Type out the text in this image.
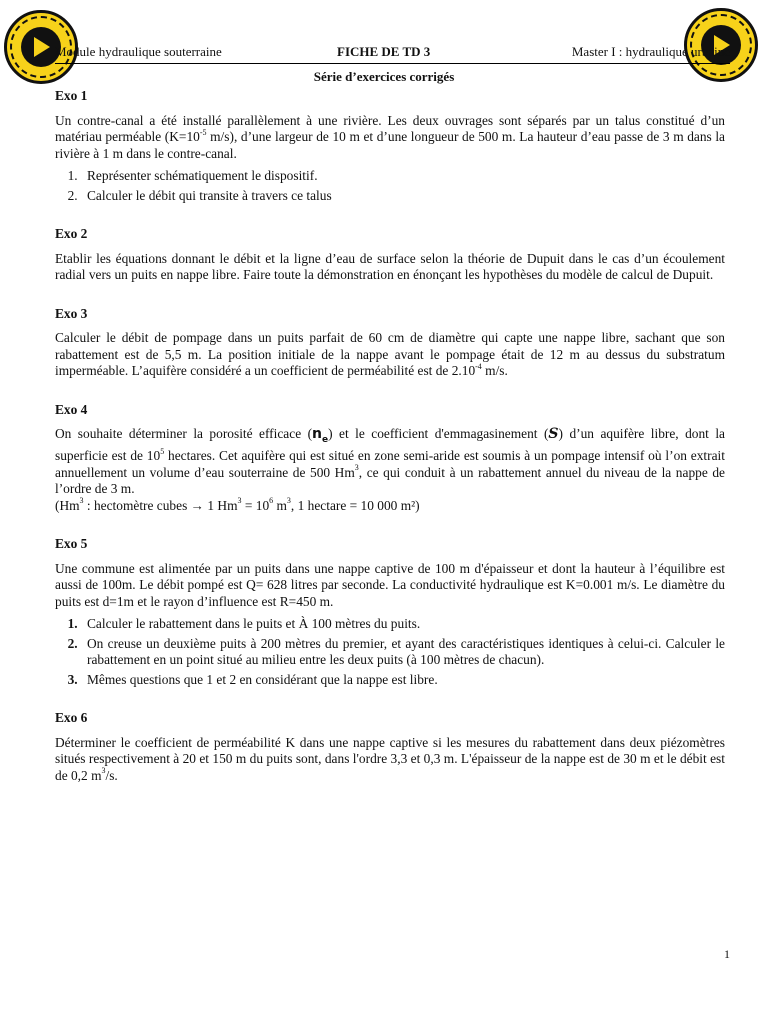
Module hydraulique souterraine	FICHE DE TD 3	Master I : hydraulique urbaine
Série d’exercices corrigés
Exo 1

Un contre-canal a été installé parallèlement à une rivière. Les deux ouvrages sont séparés par un talus constitué d’un matériau perméable ($K=10^{-5}$ m/s), d’une largeur de 10 m et d’une longueur de 500 m. La hauteur d’eau passe de 3 m dans la rivière à 1 m dans le contre-canal.

1. Représenter schématiquement le dispositif.
2. Calculer le débit qui transite à travers ce talus
Exo 2

Etablir les équations donnant le débit et la ligne d’eau de surface selon la théorie de Dupuit dans le cas d’un écoulement radial vers un puits en nappe libre. Faire toute la démonstration en énonçant les hypothèses du modèle de calcul de Dupuit.

Exo 3

Calculer le débit de pompage dans un puits parfait de 60 cm de diamètre qui capte une nappe libre, sachant que son rabattement est de 5,5 m. La position initiale de la nappe avant le pompage était de 12 m au dessus du substratum imperméable. L’aquifère considéré a un coefficient de perméabilité est de $2.10^{-4}$ m/s.

Exo 4

On souhaite déterminer la porosité efficace $(n_e)$ et le coefficient d'emmagasinement (S) d’un aquifère libre, dont la superficie est de $10^5$ hectares. Cet aquifère qui est situé en zone semi-aride est soumis à un pompage intensif où l’on extrait annuellement un volume d’eau souterraine de 500 Hm$^3$, ce qui conduit à un rabattement annuel du niveau de la nappe de l’ordre de 3 m.

(Hm$^3$ : hectomètre cubes → 1 $Hm^3 = 10^6$ $m^3$, 1 hectare = 10 000 m²)

Exo 5

Une commune est alimentée par un puits dans une nappe captive de 100 m d'épaisseur et dont la hauteur à l’équilibre est aussi de 100m. Le débit pompé est Q= 628 litres par seconde. La conductivité hydraulique est K=0.001 m/s. Le diamètre du puits est d=1m et le rayon d’influence est R=450 m.

1. Calculer le rabattement dans le puits et À 100 mètres du puits.
2. On creuse un deuxième puits à 200 mètres du premier, et ayant des caractéristiques identiques à celui-ci. Calculer le rabattement en un point situé au milieu entre les deux puits (à 100 mètres de chacun).
3. Mêmes questions que 1 et 2 en considérant que la nappe est libre.
Exo 6

Déterminer le coefficient de perméabilité K dans une nappe captive si les mesures du rabattement dans deux piézomètres situés respectivement à 20 et 150 m du puits sont, dans l'ordre 3,3 et 0,3 m. L'épaisseur de la nappe est de 30 m et le débit est de 0,2 $m^3/s$.

1
